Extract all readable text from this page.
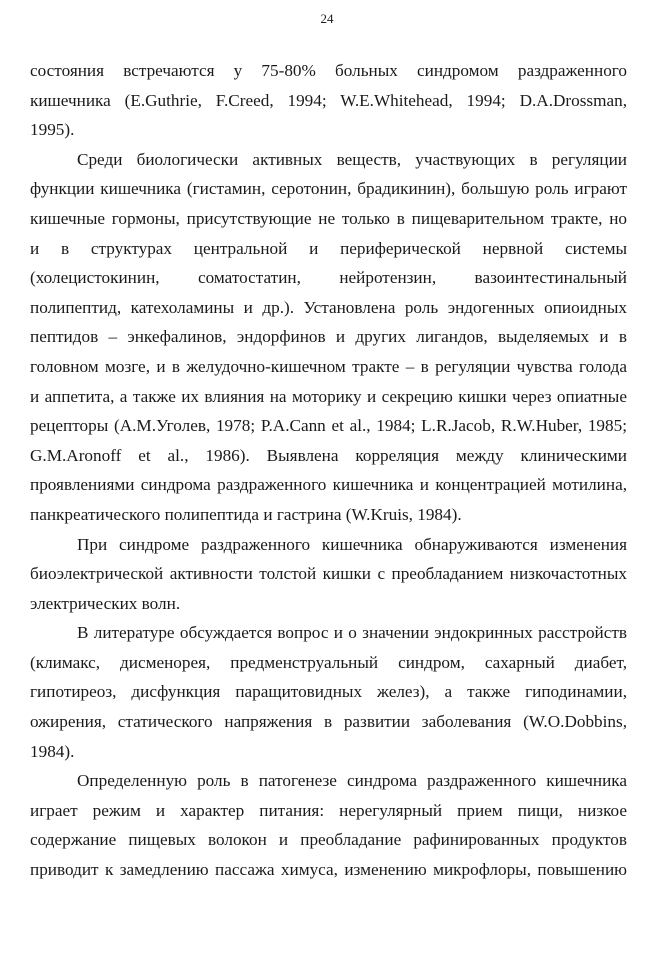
24
состояния встречаются у 75-80% больных синдромом раздраженного
кишечника (E.Guthrie, F.Creed, 1994; W.E.Whitehead, 1994; D.A.Drossman,
1995).
Среди биологически активных веществ, участвующих в регуляции
функции кишечника (гистамин, серотонин, брадикинин), большую роль играют
кишечные гормоны, присутствующие не только в пищеварительном тракте, но
и в структурах центральной и периферической нервной системы
(холецистокинин, соматостатин, нейротензин, вазоинтестинальный
полипептид, катехоламины и др.). Установлена роль эндогенных опиоидных
пептидов – энкефалинов, эндорфинов и других лигандов, выделяемых и в
головном мозге, и в желудочно-кишечном тракте – в регуляции чувства голода
и аппетита, а также их влияния на моторику и секрецию кишки через опиатные
рецепторы (А.М.Уголев, 1978; P.A.Cann et al., 1984; L.R.Jacob, R.W.Huber, 1985;
G.M.Aronoff et al., 1986). Выявлена корреляция между клиническими
проявлениями синдрома раздраженного кишечника и концентрацией мотилина,
панкреатического полипептида и гастрина (W.Kruis, 1984).
При синдроме раздраженного кишечника обнаруживаются изменения
биоэлектрической активности толстой кишки с преобладанием низкочастотных
электрических волн.
В литературе обсуждается вопрос и о значении эндокринных расстройств
(климакс, дисменорея, предменструальный синдром, сахарный диабет,
гипотиреоз, дисфункция паращитовидных желез), а также гиподинамии,
ожирения, статического напряжения в развитии заболевания (W.O.Dobbins,
1984).
Определенную роль в патогенезе синдрома раздраженного кишечника
играет режим и характер питания: нерегулярный прием пищи, низкое
содержание пищевых волокон и преобладание рафинированных продуктов
приводит к замедлению пассажа химуса, изменению микрофлоры, повышению
